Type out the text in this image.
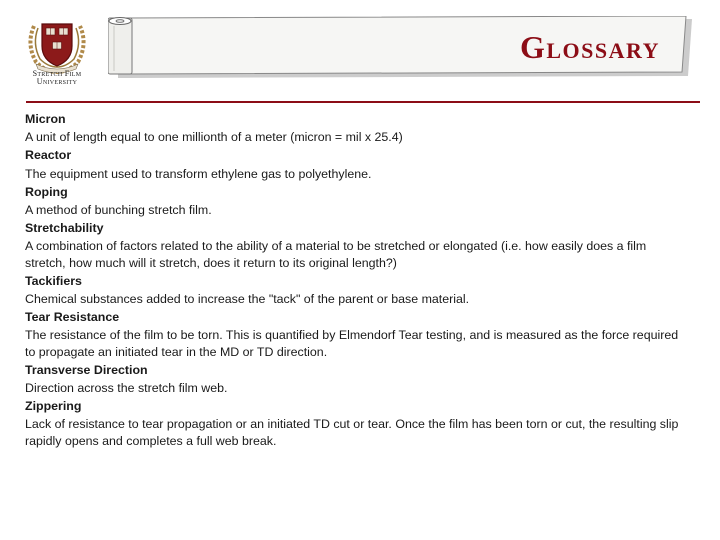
Stretch Film
University
Glossary
Micron
A unit of length equal to one millionth of a meter (micron = mil x 25.4)
Reactor
The equipment used to transform ethylene gas to polyethylene.
Roping
A method of bunching stretch film.
Stretchability
A combination of factors related to the ability of a material to be stretched or elongated (i.e. how easily does a film stretch, how much will it stretch, does it return to its original length?)
Tackifiers
Chemical substances added to increase the "tack" of the parent or base material.
Tear Resistance
The resistance of the film to be torn. This is quantified by Elmendorf Tear testing, and is measured as the force required to propagate an initiated tear in the MD or TD direction.
Transverse Direction
Direction across the stretch film web.
Zippering
Lack of resistance to tear propagation or an initiated TD cut or tear. Once the film has been torn or cut, the resulting slip rapidly opens and completes a full web break.
